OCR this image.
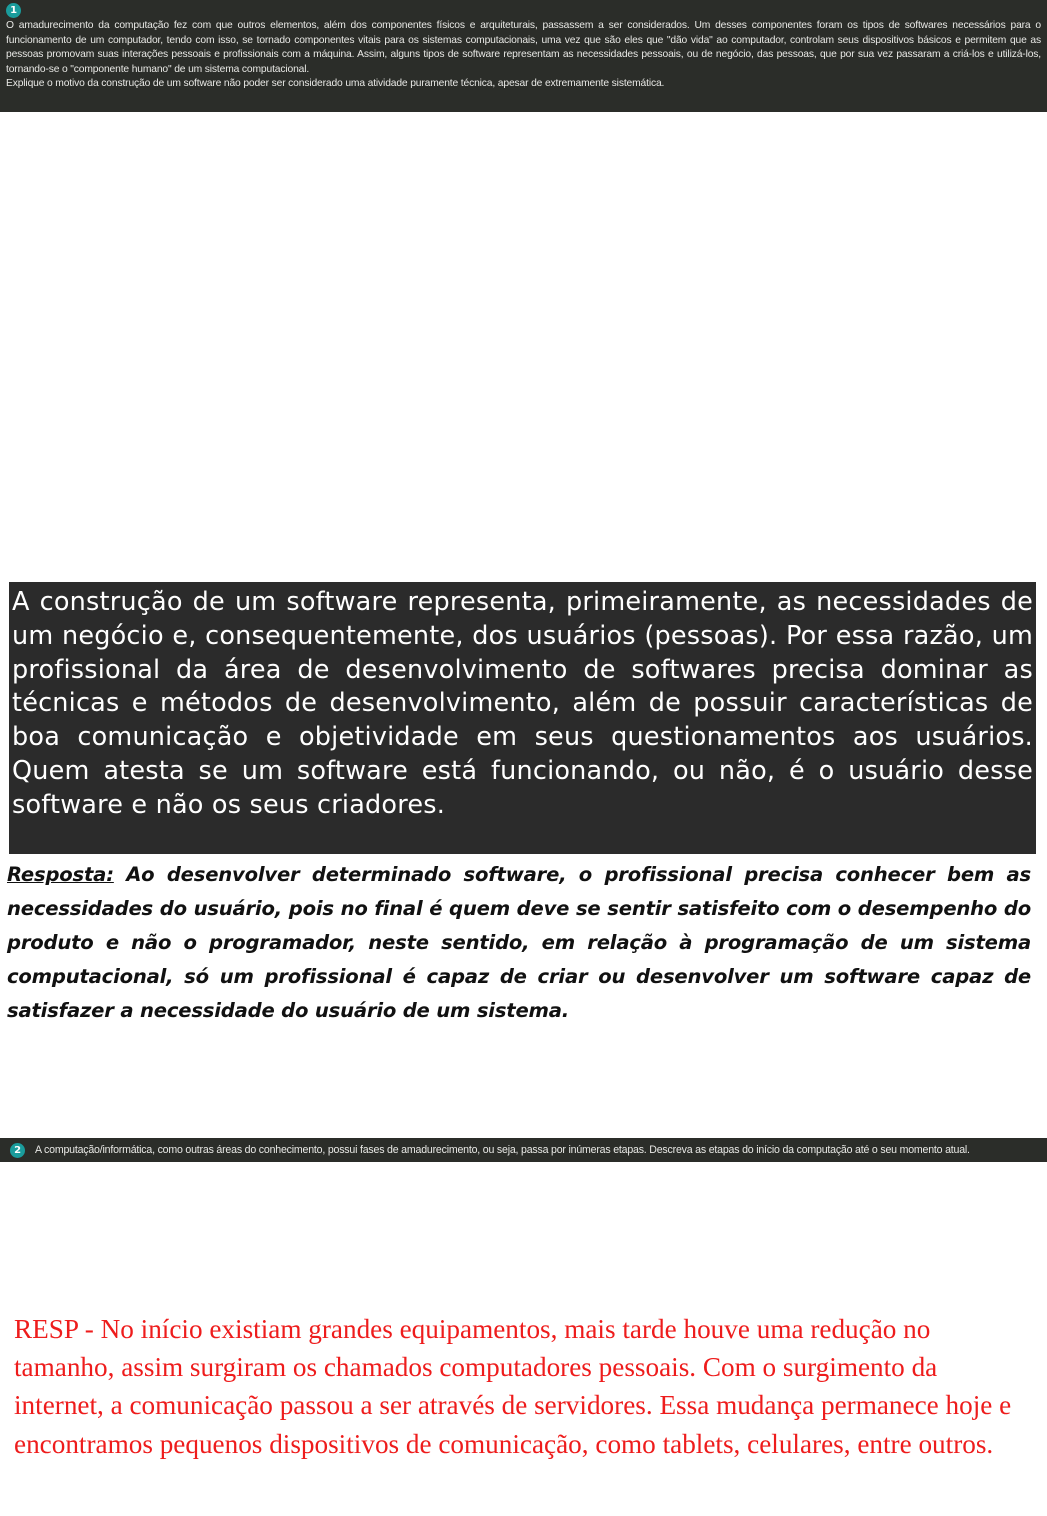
1

O amadurecimento da computação fez com que outros elementos, além dos componentes físicos e arquiteturais, passassem a ser considerados. Um desses componentes foram os tipos de softwares necessários para o funcionamento de um computador, tendo com isso, se tornado componentes vitais para os sistemas computacionais, uma vez que são eles que "dão vida" ao computador, controlam seus dispositivos básicos e permitem que as pessoas promovam suas interações pessoais e profissionais com a máquina. Assim, alguns tipos de software representam as necessidades pessoais, ou de negócio, das pessoas, que por sua vez passaram a criá-los e utilizá-los, tornando-se o "componente humano" de um sistema computacional.

Explique o motivo da construção de um software não poder ser considerado uma atividade puramente técnica, apesar de extremamente sistemática.

A construção de um software representa, primeiramente, as necessidades de um negócio e, consequentemente, dos usuários (pessoas). Por essa razão, um profissional da área de desenvolvimento de softwares precisa dominar as técnicas e métodos de desenvolvimento, além de possuir características de boa comunicação e objetividade em seus questionamentos aos usuários. Quem atesta se um software está funcionando, ou não, é o usuário desse software e não os seus criadores.
Resposta: Ao desenvolver determinado software, o profissional precisa conhecer bem as necessidades do usuário, pois no final é quem deve se sentir satisfeito com o desempenho do produto e não o programador, neste sentido, em relação à programação de um sistema computacional, só um profissional é capaz de criar ou desenvolver um software capaz de satisfazer a necessidade do usuário de um sistema.
2 A computação/informática, como outras áreas do conhecimento, possui fases de amadurecimento, ou seja, passa por inúmeras etapas. Descreva as etapas do início da computação até o seu momento atual.
RESP - No início existiam grandes equipamentos, mais tarde houve uma redução no tamanho, assim surgiram os chamados computadores pessoais. Com o surgimento da internet, a comunicação passou a ser através de servidores. Essa mudança permanece hoje e encontramos pequenos dispositivos de comunicação, como tablets, celulares, entre outros.
